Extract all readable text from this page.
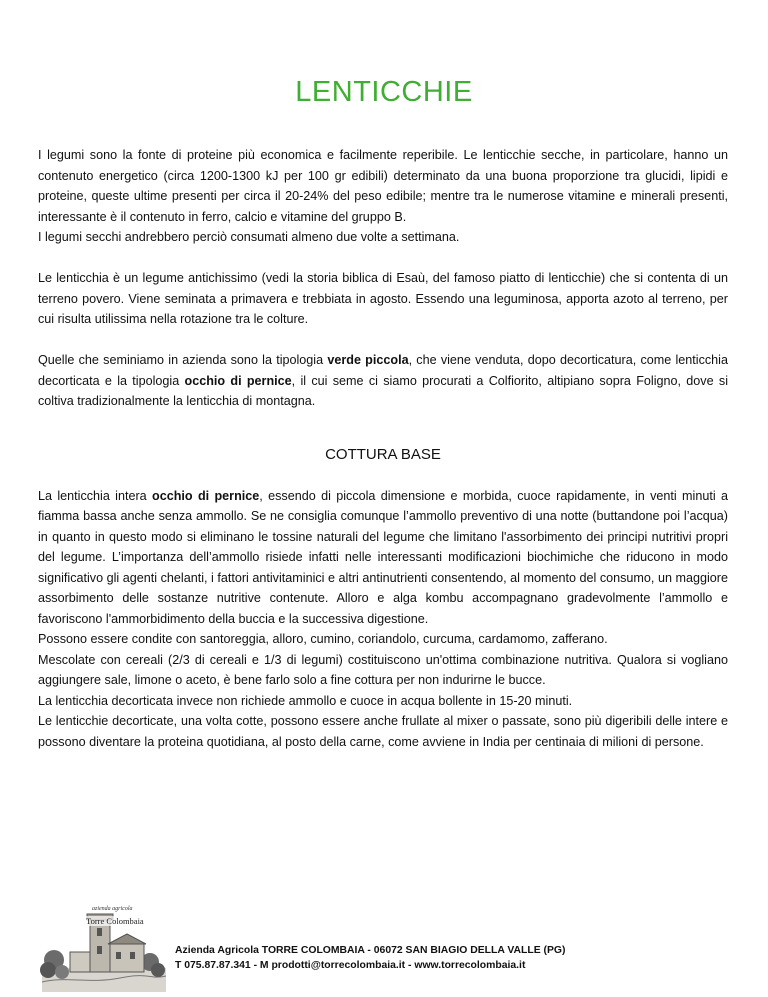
LENTICCHIE

I legumi sono la fonte di proteine più economica e facilmente reperibile. Le lenticchie secche, in particolare, hanno un contenuto energetico (circa 1200-1300 kJ per 100 gr edibili) determinato da una buona proporzione tra glucidi, lipidi e proteine, queste ultime presenti per circa il 20-24% del peso edibile; mentre tra le numerose vitamine e minerali presenti, interessante è il contenuto in ferro, calcio e vitamine del gruppo B.

I legumi secchi andrebbero perciò consumati almeno due volte a settimana.

Le lenticchia è un legume antichissimo (vedi la storia biblica di Esaù, del famoso piatto di lenticchie) che si contenta di un terreno povero. Viene seminata a primavera e trebbiata in agosto. Essendo una leguminosa, apporta azoto al terreno, per cui risulta utilissima nella rotazione tra le colture.

Quelle che seminiamo in azienda sono la tipologia verde piccola, che viene venduta, dopo decorticatura, come lenticchia decorticata e la tipologia occhio di pernice, il cui seme ci siamo procurati a Colfiorito, altipiano sopra Foligno, dove si coltiva tradizionalmente la lenticchia di montagna.

COTTURA BASE

La lenticchia intera occhio di pernice, essendo di piccola dimensione e morbida, cuoce rapidamente, in venti minuti a fiamma bassa anche senza ammollo. Se ne consiglia comunque l’ammollo preventivo di una notte (buttandone poi l’acqua) in quanto in questo modo si eliminano le tossine naturali del legume che limitano l'assorbimento dei principi nutritivi propri del legume. L’importanza dell’ammollo risiede infatti nelle interessanti modificazioni biochimiche che riducono in modo significativo gli agenti chelanti, i fattori antivitaminici e altri antinutrienti consentendo, al momento del consumo, un maggiore assorbimento delle sostanze nutritive contenute. Alloro e alga kombu accompagnano gradevolmente l’ammollo e favoriscono l'ammorbidimento della buccia e la successiva digestione.

Possono essere condite con santoreggia, alloro, cumino, coriandolo, curcuma, cardamomo, zafferano.

Mescolate con cereali (2/3 di cereali e 1/3 di legumi) costituiscono un'ottima combinazione nutritiva. Qualora si vogliano aggiungere sale, limone o aceto, è bene farlo solo a fine cottura per non indurirne le bucce.

La lenticchia decorticata invece non richiede ammollo e cuoce in acqua bollente in 15-20 minuti.

Le lenticchie decorticate, una volta cotte, possono essere anche frullate al mixer o passate, sono più digeribili delle intere e possono diventare la proteina quotidiana, al posto della carne, come avviene in India per centinaia di milioni di persone.

azienda agricola
Torre Colombaia
Azienda Agricola TORRE COLOMBAIA - 06072 SAN BIAGIO DELLA VALLE (PG)
T 075.87.87.341 - M prodotti@torrecolombaia.it - www.torrecolombaia.it
